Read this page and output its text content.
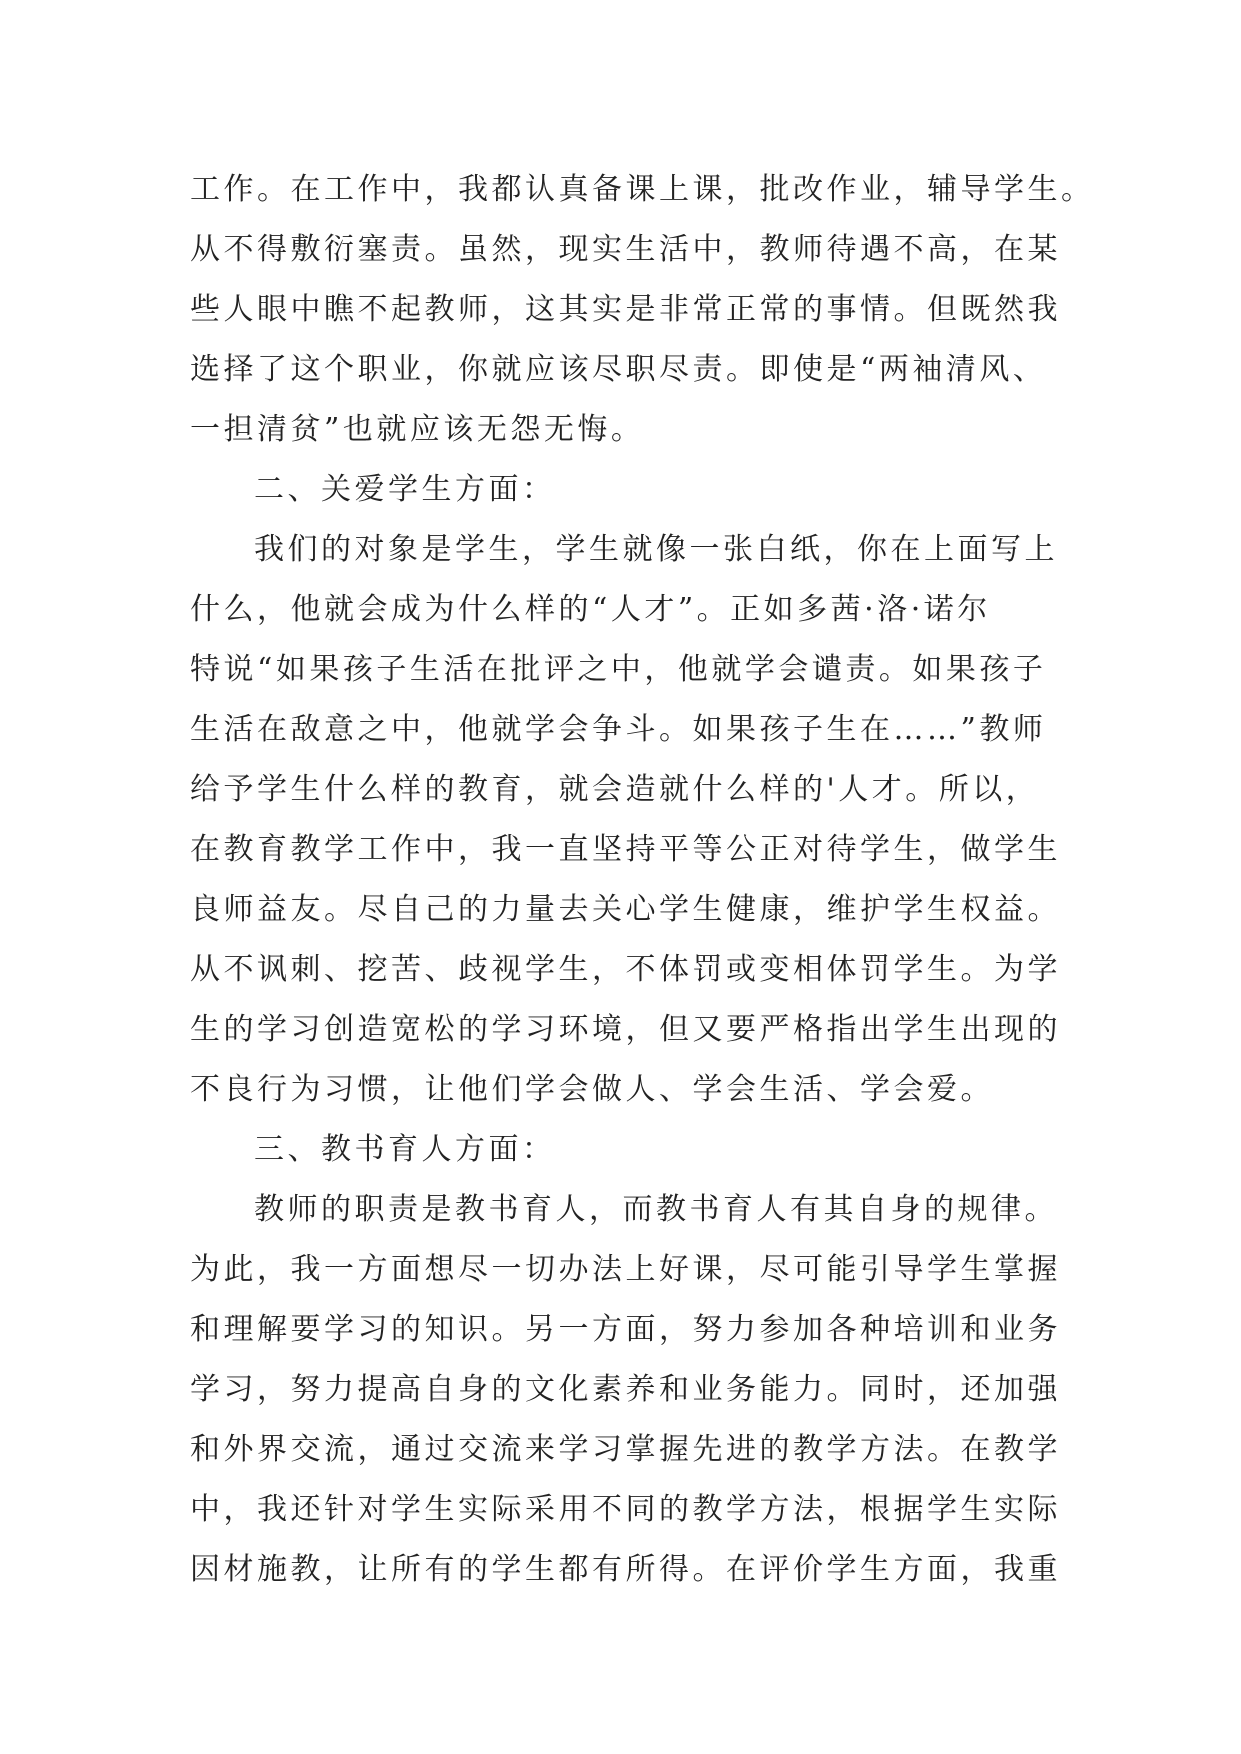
工作。在工作中，我都认真备课上课，批改作业，辅导学生。
从不得敷衍塞责。虽然，现实生活中，教师待遇不高，在某
些人眼中瞧不起教师，这其实是非常正常的事情。但既然我
选择了这个职业，你就应该尽职尽责。即使是“两袖清风、
一担清贫”也就应该无怨无悔。
二、关爱学生方面：
我们的对象是学生，学生就像一张白纸，你在上面写上
什么，他就会成为什么样的“人才”。正如多茜·洛·诺尔
特说“如果孩子生活在批评之中，他就学会谴责。如果孩子
生活在敌意之中，他就学会争斗。如果孩子生在……”教师
给予学生什么样的教育，就会造就什么样的'人才。所以，
在教育教学工作中，我一直坚持平等公正对待学生，做学生
良师益友。尽自己的力量去关心学生健康，维护学生权益。
从不讽刺、挖苦、歧视学生，不体罚或变相体罚学生。为学
生的学习创造宽松的学习环境，但又要严格指出学生出现的
不良行为习惯，让他们学会做人、学会生活、学会爱。
三、教书育人方面：
教师的职责是教书育人，而教书育人有其自身的规律。
为此，我一方面想尽一切办法上好课，尽可能引导学生掌握
和理解要学习的知识。另一方面，努力参加各种培训和业务
学习，努力提高自身的文化素养和业务能力。同时，还加强
和外界交流，通过交流来学习掌握先进的教学方法。在教学
中，我还针对学生实际采用不同的教学方法，根据学生实际
因材施教，让所有的学生都有所得。在评价学生方面，我重
